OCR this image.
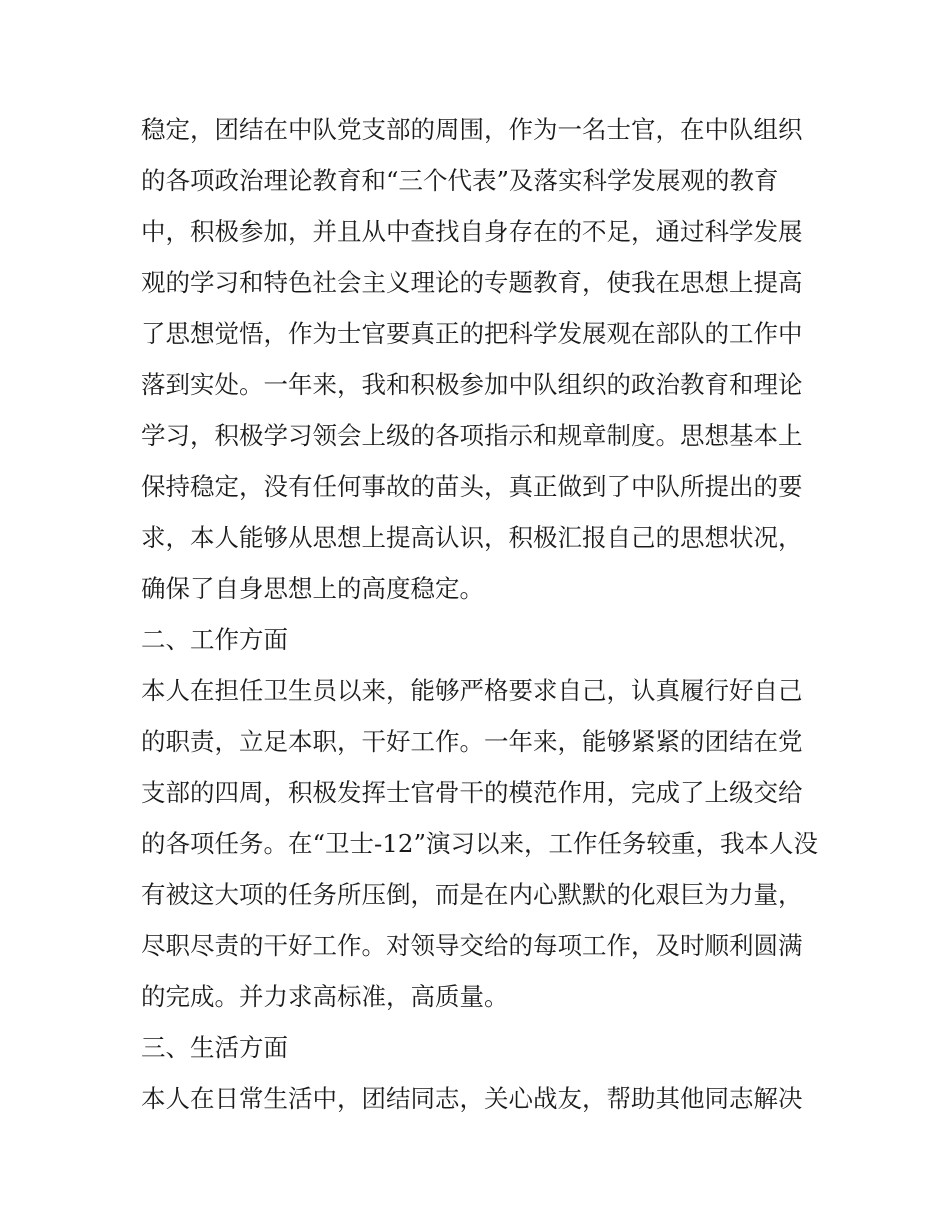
稳定，团结在中队党支部的周围，作为一名士官，在中队组织
的各项政治理论教育和“三个代表”及落实科学发展观的教育
中，积极参加，并且从中查找自身存在的不足，通过科学发展
观的学习和特色社会主义理论的专题教育，使我在思想上提高
了思想觉悟，作为士官要真正的把科学发展观在部队的工作中
落到实处。一年来，我和积极参加中队组织的政治教育和理论
学习，积极学习领会上级的各项指示和规章制度。思想基本上
保持稳定，没有任何事故的苗头，真正做到了中队所提出的要
求，本人能够从思想上提高认识，积极汇报自己的思想状况，
确保了自身思想上的高度稳定。
二、工作方面
本人在担任卫生员以来，能够严格要求自己，认真履行好自己
的职责，立足本职，干好工作。一年来，能够紧紧的团结在党
支部的四周，积极发挥士官骨干的模范作用，完成了上级交给
的各项任务。在“卫士-12”演习以来，工作任务较重，我本人没
有被这大项的任务所压倒，而是在内心默默的化艰巨为力量，
尽职尽责的干好工作。对领导交给的每项工作，及时顺利圆满
的完成。并力求高标准，高质量。
三、生活方面
本人在日常生活中，团结同志，关心战友，帮助其他同志解决
